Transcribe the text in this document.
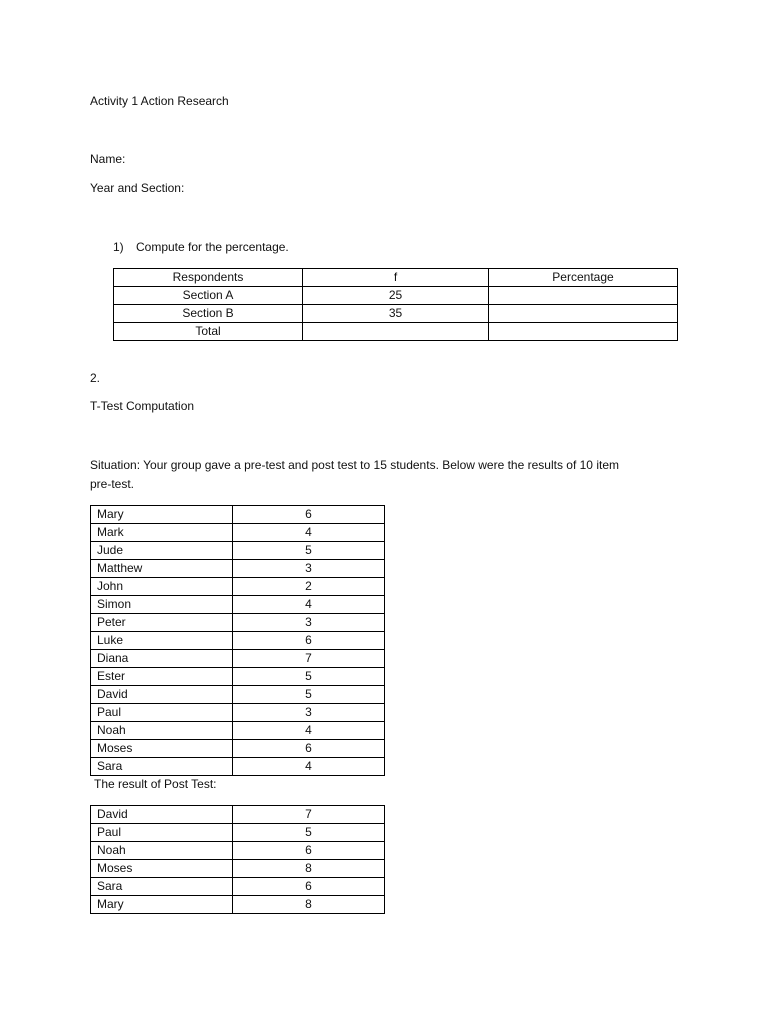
Activity 1 Action Research
Name:
Year and Section:
1) Compute for the percentage.
Respondents	f	Percentage
Section A	25	
Section B	35	
Total		
2.
T-Test Computation
Situation: Your group gave a pre-test and post test to 15 students. Below were the results of 10 item
pre-test.
Mary	6
Mark	4
Jude	5
Matthew	3
John	2
Simon	4
Peter	3
Luke	6
Diana	7
Ester	5
David	5
Paul	3
Noah	4
Moses	6
Sara	4
The result of Post Test:
David	7
Paul	5
Noah	6
Moses	8
Sara	6
Mary	8
